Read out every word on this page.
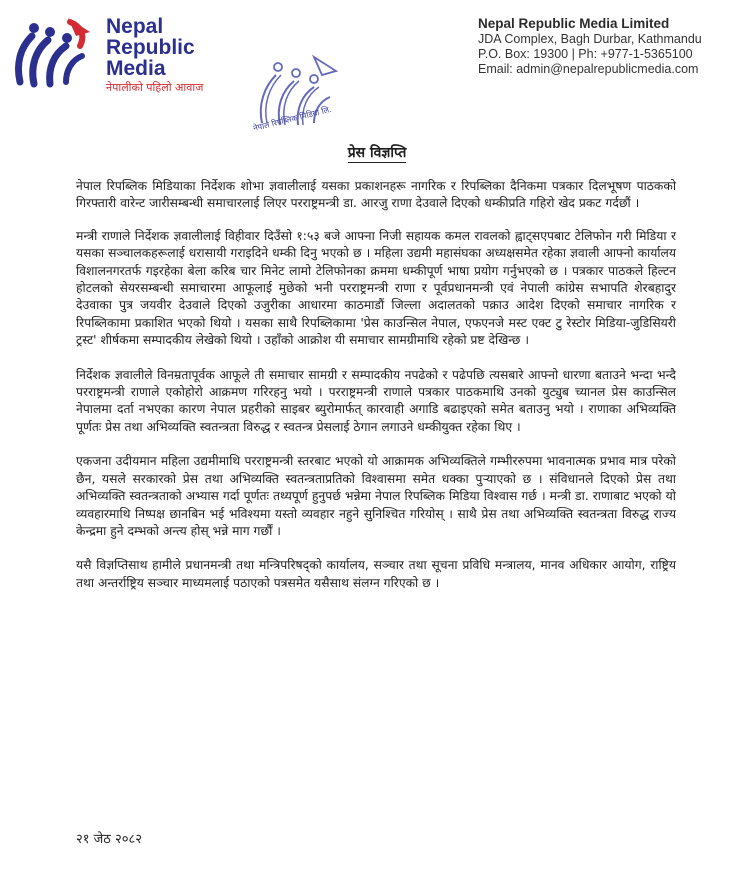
Nepal
Republic
Media
नेपालीको पहिलो आवाज
Nepal Republic Media Limited
JDA Complex, Bagh Durbar, Kathmandu
P.O. Box: 19300 | Ph: +977-1-5365100
Email: admin@nepalrepublicmedia.com
नेपाल रिपब्लिक मिडिया लि.
प्रेस विज्ञप्ति

नेपाल रिपब्लिक मिडियाका निर्देशक शोभा ज्ञवालीलाई यसका प्रकाशनहरू नागरिक र रिपब्लिका दैनिकमा पत्रकार दिलभूषण पाठकको गिरफ्तारी वारेन्ट जारीसम्बन्धी समाचारलाई लिएर परराष्ट्रमन्त्री डा. आरजु राणा देउवाले दिएको धम्कीप्रति गहिरो खेद प्रकट गर्दछौं ।

मन्त्री राणाले निर्देशक ज्ञवालीलाई विहीवार दिउँसो १:५३ बजे आफ्ना निजी सहायक कमल रावलको ह्वाट्सएपबाट टेलिफोन गरी मिडिया र यसका सञ्चालकहरूलाई धरासायी गराइदिने धम्की दिनु भएको छ । महिला उद्यमी महासंघका अध्यक्षसमेत रहेका ज्ञवाली आफ्नो कार्यालय विशालनगरतर्फ गइरहेका बेला करिब चार मिनेट लामो टेलिफोनका क्रममा धम्कीपूर्ण भाषा प्रयोग गर्नुभएको छ । पत्रकार पाठकले हिल्टन होटलको सेयरसम्बन्धी समाचारमा आफूलाई मुछेको भनी परराष्ट्रमन्त्री राणा र पूर्वप्रधानमन्त्री एवं नेपाली कांग्रेस सभापति शेरबहादुर देउवाका पुत्र जयवीर देउवाले दिएको उजुरीका आधारमा काठमाडौं जिल्ला अदालतको पक्राउ आदेश दिएको समाचार नागरिक र रिपब्लिकामा प्रकाशित भएको थियो । यसका साथै रिपब्लिकामा 'प्रेस काउन्सिल नेपाल, एफएनजे मस्ट एक्ट टु रेस्टोर मिडिया-जुडिसियरी ट्रस्ट' शीर्षकमा सम्पादकीय लेखेको थियो । उहाँको आक्रोश यी समाचार सामग्रीमाथि रहेको प्रष्ट देखिन्छ ।

निर्देशक ज्ञवालीले विनम्रतापूर्वक आफूले ती समाचार सामग्री र सम्पादकीय नपढेको र पढेपछि त्यसबारे आफ्नो धारणा बताउने भन्दा भन्दै परराष्ट्रमन्त्री राणाले एकोहोरो आक्रमण गरिरहनु भयो । परराष्ट्रमन्त्री राणाले पत्रकार पाठकमाथि उनको युट्युब च्यानल प्रेस काउन्सिल नेपालमा दर्ता नभएका कारण नेपाल प्रहरीको साइबर ब्युरोमार्फत् कारवाही अगाडि बढाइएको समेत बताउनु भयो । राणाका अभिव्यक्ति पूर्णतः प्रेस तथा अभिव्यक्ति स्वतन्त्रता विरुद्ध र स्वतन्त्र प्रेसलाई ठेगान लगाउने धम्कीयुक्त रहेका थिए ।

एकजना उदीयमान महिला उद्यमीमाथि परराष्ट्रमन्त्री स्तरबाट भएको यो आक्रामक अभिव्यक्तिले गम्भीररुपमा भावनात्मक प्रभाव मात्र परेको छैन, यसले सरकारको प्रेस तथा अभिव्यक्ति स्वतन्त्रताप्रतिको विश्वासमा समेत धक्का पुऱ्याएको छ । संविधानले दिएको प्रेस तथा अभिव्यक्ति स्वतन्त्रताको अभ्यास गर्दा पूर्णतः तथ्यपूर्ण हुनुपर्छ भन्नेमा नेपाल रिपब्लिक मिडिया विश्वास गर्छ । मन्त्री डा. राणाबाट भएको यो व्यवहारमाथि निष्पक्ष छानबिन भई भविश्यमा यस्तो व्यवहार नहुने सुनिश्चित गरियोस् । साथै प्रेस तथा अभिव्यक्ति स्वतन्त्रता विरुद्ध राज्य केन्द्रमा हुने दम्भको अन्त्य होस् भन्ने माग गर्छौं ।

यसै विज्ञप्तिसाथ हामीले प्रधानमन्त्री तथा मन्त्रिपरिषद्को कार्यालय, सञ्चार तथा सूचना प्रविधि मन्त्रालय, मानव अधिकार आयोग, राष्ट्रिय तथा अन्तर्राष्ट्रिय सञ्चार माध्यमलाई पठाएको पत्रसमेत यसैसाथ संलग्न गरिएको छ ।

२१ जेठ २०८२
